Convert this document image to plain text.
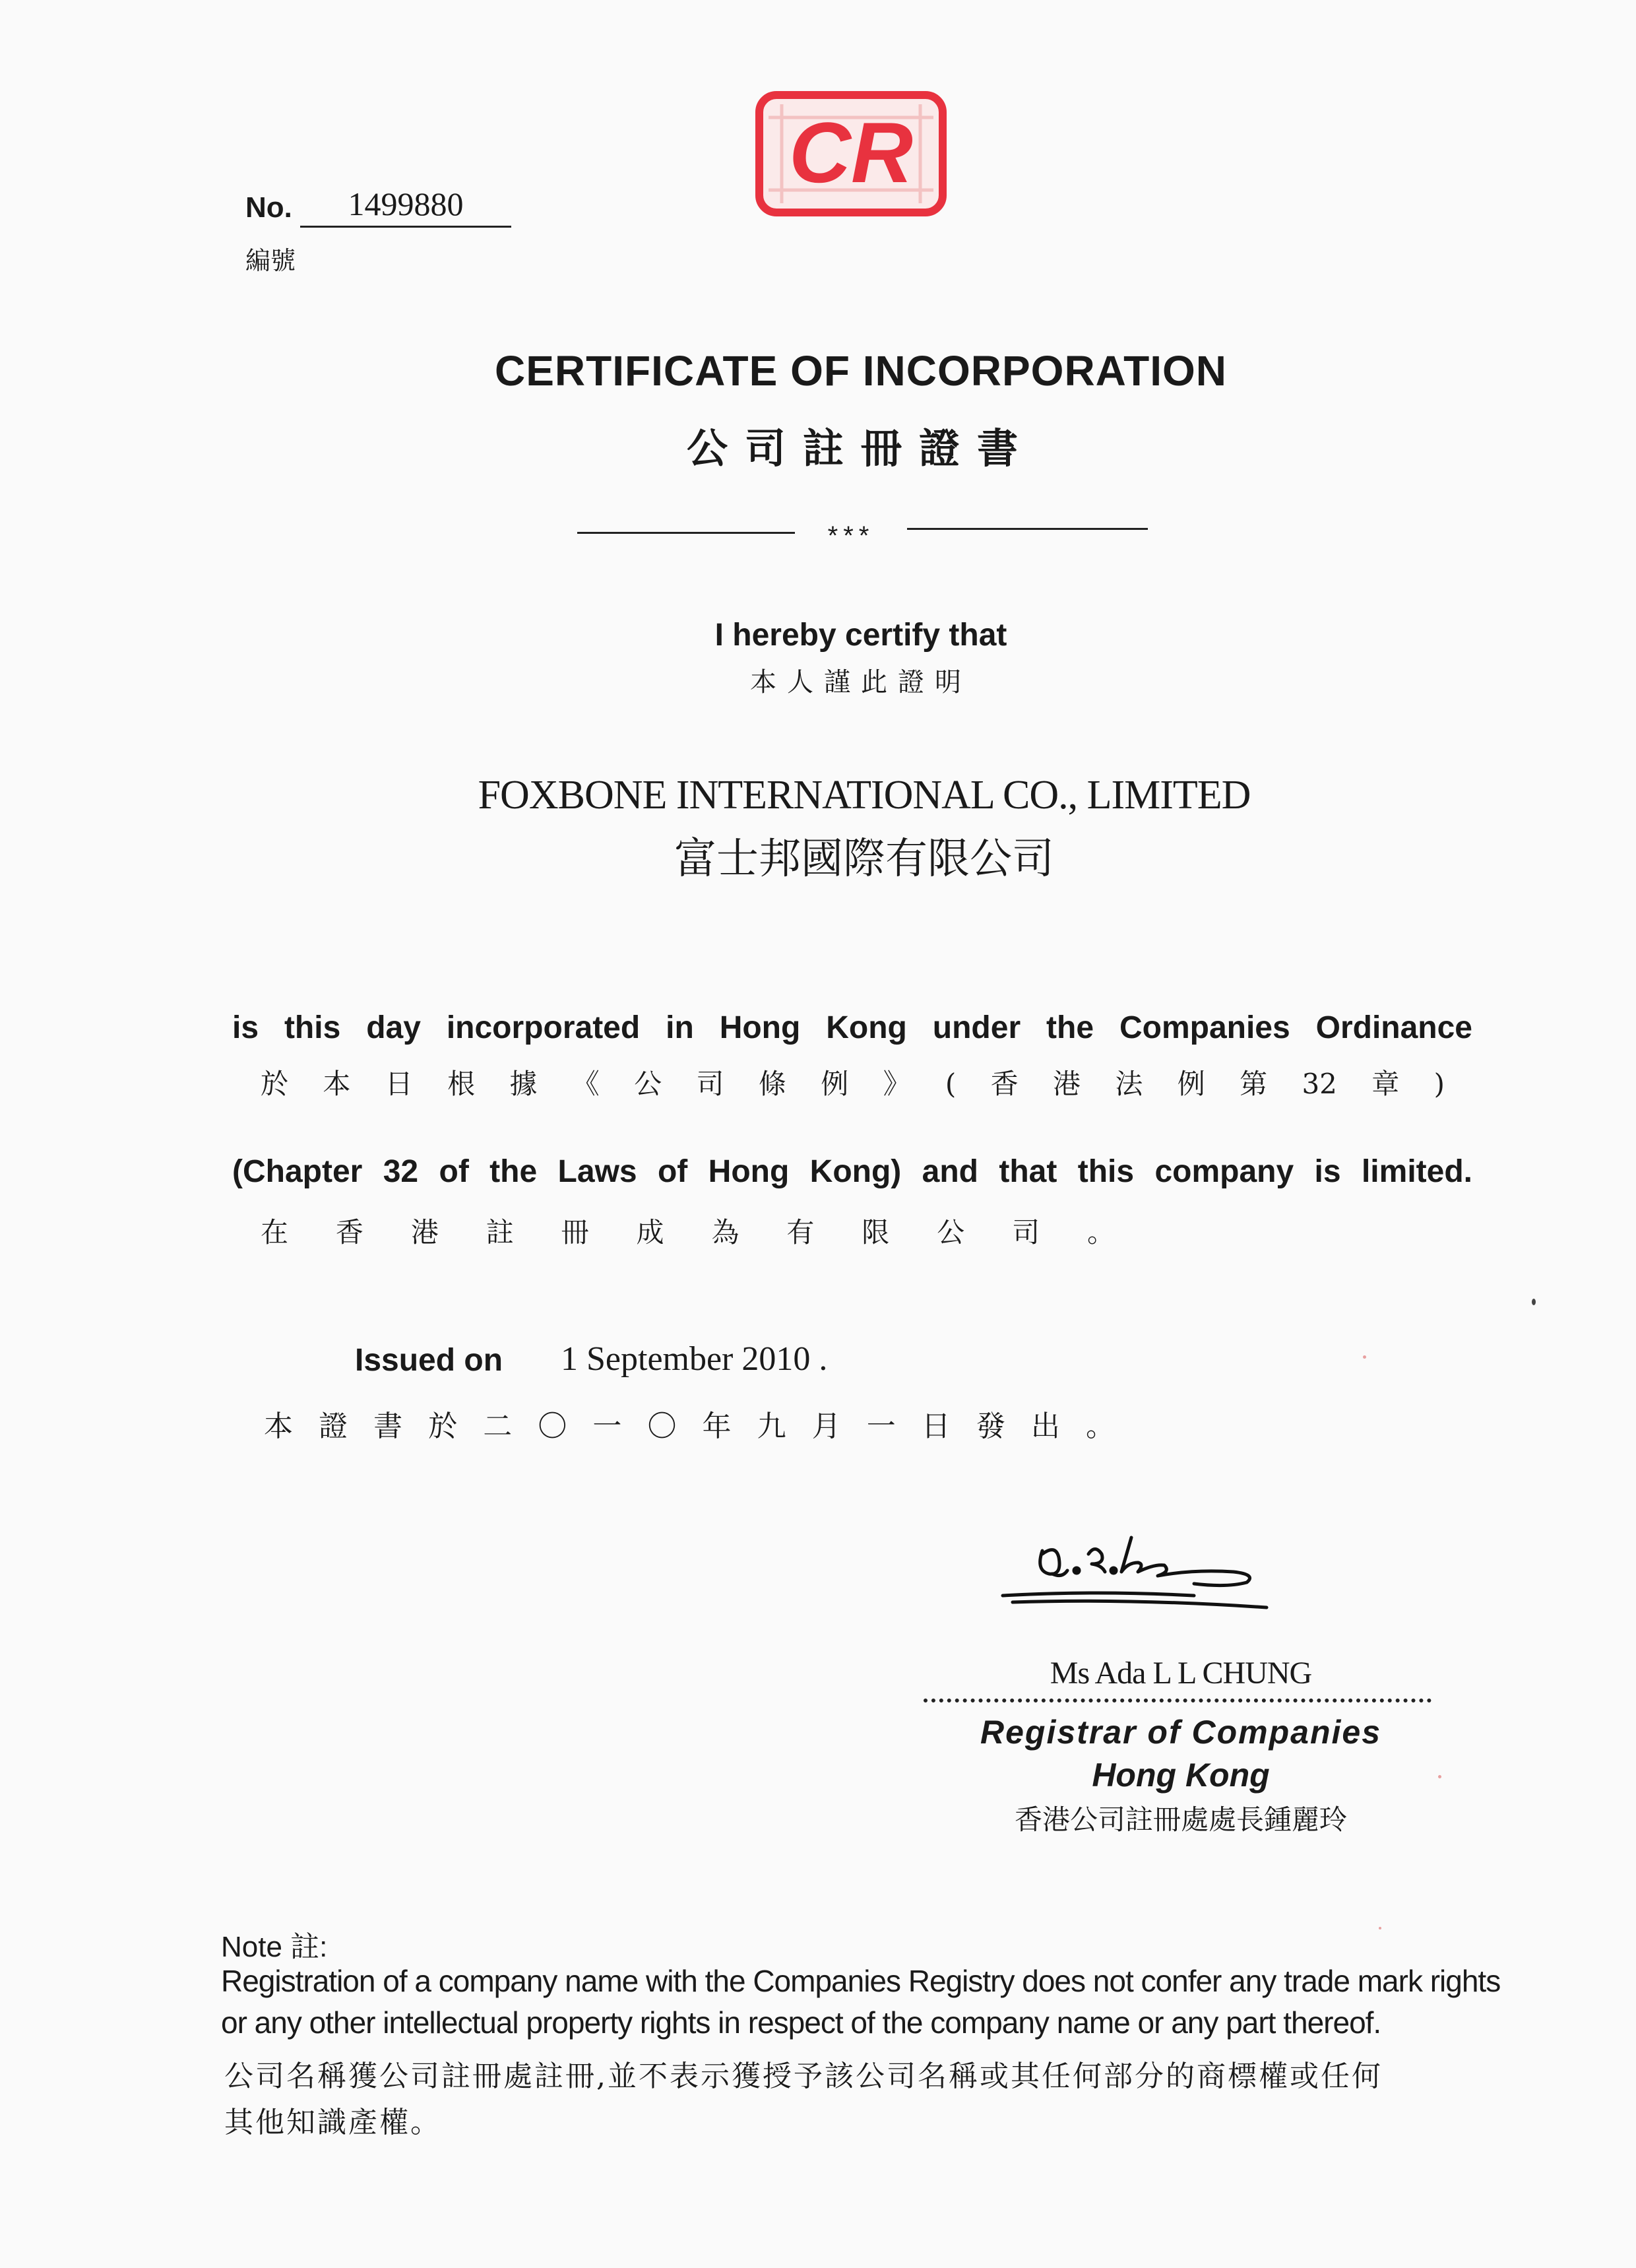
CR
No.	1499880
編號
CERTIFICATE OF INCORPORATION
公司註冊證書
***
I hereby certify that
本人謹此證明
FOXBONE INTERNATIONAL CO., LIMITED
富士邦國際有限公司
is this day incorporated in Hong Kong under the Companies Ordinance
於本日根據《公司條例》(香港法例第32章)
(Chapter 32 of the Laws of Hong Kong) and that this company is limited.
在香港註冊成為有限公司。
Issued on 1 September 2010 .
本證書於二〇一〇年九月一日發出。
Ms Ada L L CHUNG
Registrar of Companies
Hong Kong
香港公司註冊處處長鍾麗玲
Note 註:
Registration of a company name with the Companies Registry does not confer any trade mark rights
or any other intellectual property rights in respect of the company name or any part thereof.
公司名稱獲公司註冊處註冊,並不表示獲授予該公司名稱或其任何部分的商標權或任何
其他知識產權。
